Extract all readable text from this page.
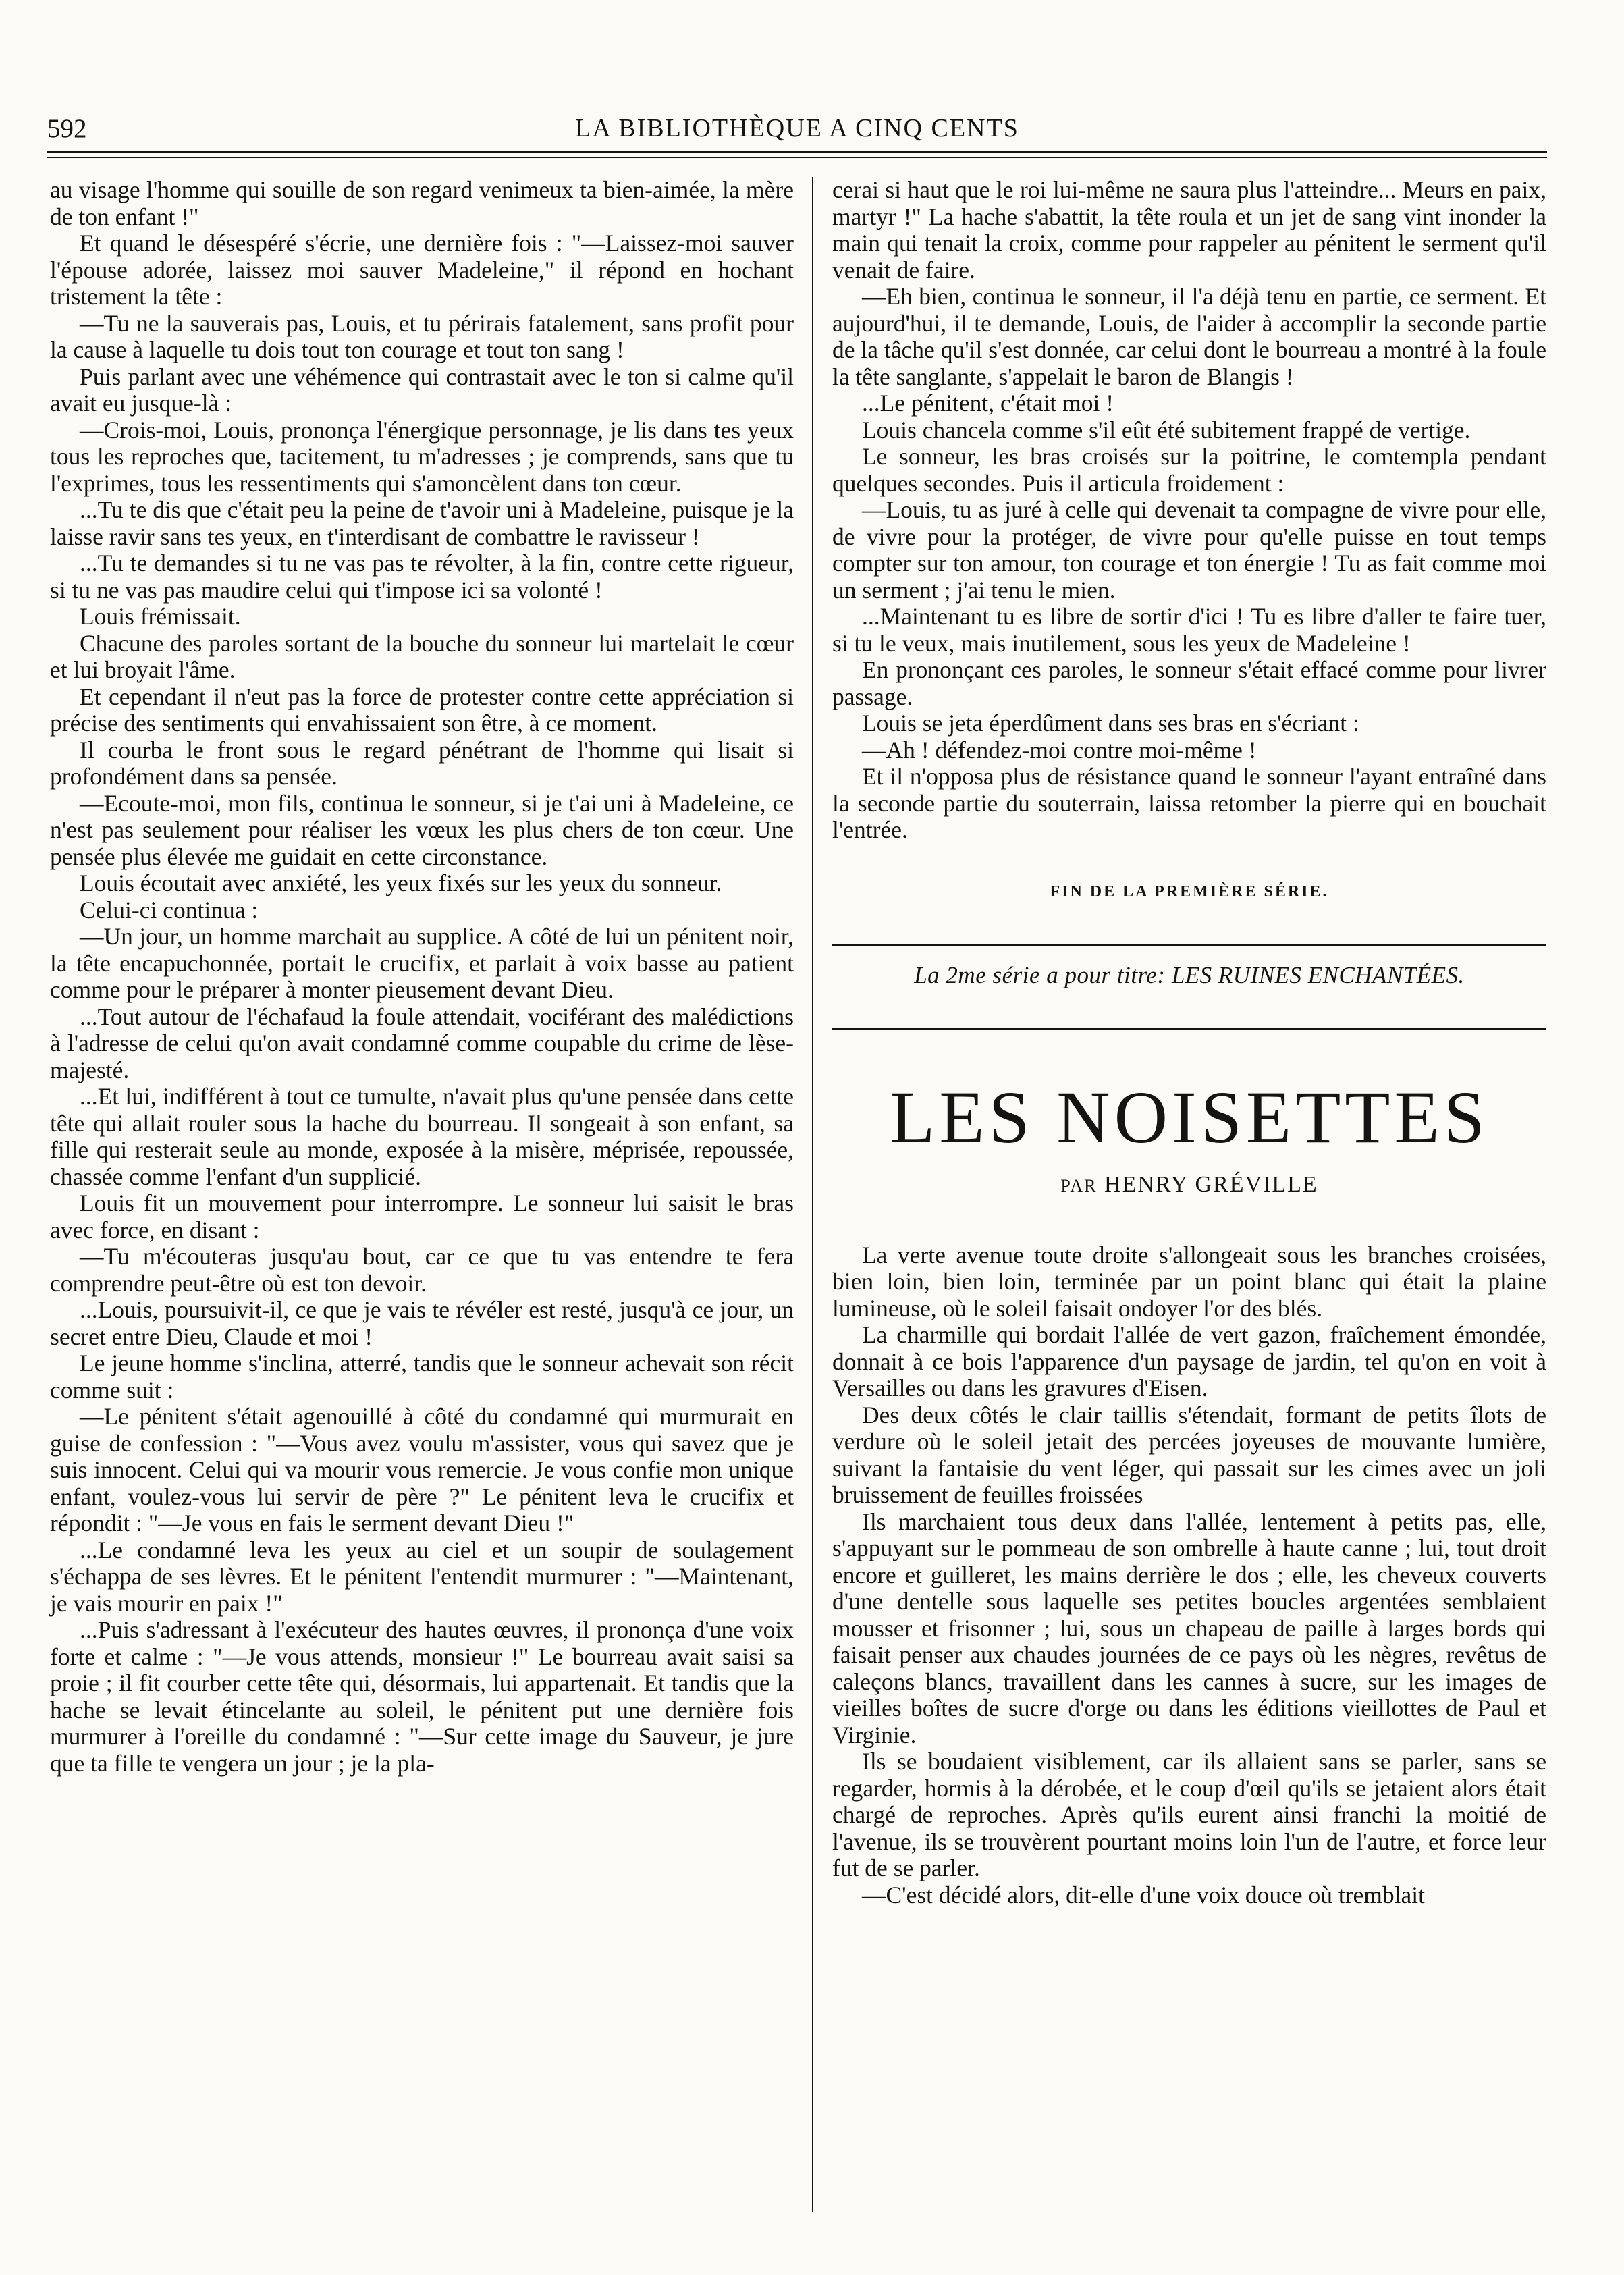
592	LA BIBLIOTHÈQUE A CINQ CENTS

au visage l'homme qui souille de son regard venimeux ta bien-aimée, la mère de ton enfant !"

Et quand le désespéré s'écrie, une dernière fois : "—Laissez-moi sauver l'épouse adorée, laissez moi sauver Madeleine," il répond en hochant tristement la tête :

—Tu ne la sauverais pas, Louis, et tu périrais fatalement, sans profit pour la cause à laquelle tu dois tout ton courage et tout ton sang !

Puis parlant avec une véhémence qui contrastait avec le ton si calme qu'il avait eu jusque-là :

—Crois-moi, Louis, prononça l'énergique personnage, je lis dans tes yeux tous les reproches que, tacitement, tu m'adresses ; je comprends, sans que tu l'exprimes, tous les ressentiments qui s'amoncèlent dans ton cœur.

...Tu te dis que c'était peu la peine de t'avoir uni à Madeleine, puisque je la laisse ravir sans tes yeux, en t'interdisant de combattre le ravisseur !

...Tu te demandes si tu ne vas pas te révolter, à la fin, contre cette rigueur, si tu ne vas pas maudire celui qui t'impose ici sa volonté !

Louis frémissait.

Chacune des paroles sortant de la bouche du sonneur lui martelait le cœur et lui broyait l'âme.

Et cependant il n'eut pas la force de protester contre cette appréciation si précise des sentiments qui envahissaient son être, à ce moment.

Il courba le front sous le regard pénétrant de l'homme qui lisait si profondément dans sa pensée.

—Ecoute-moi, mon fils, continua le sonneur, si je t'ai uni à Madeleine, ce n'est pas seulement pour réaliser les vœux les plus chers de ton cœur. Une pensée plus élevée me guidait en cette circonstance.

Louis écoutait avec anxiété, les yeux fixés sur les yeux du sonneur.

Celui-ci continua :

—Un jour, un homme marchait au supplice. A côté de lui un pénitent noir, la tête encapuchonnée, portait le crucifix, et parlait à voix basse au patient comme pour le préparer à monter pieusement devant Dieu.

...Tout autour de l'échafaud la foule attendait, vociférant des malédictions à l'adresse de celui qu'on avait condamné comme coupable du crime de lèse-majesté.

...Et lui, indifférent à tout ce tumulte, n'avait plus qu'une pensée dans cette tête qui allait rouler sous la hache du bourreau. Il songeait à son enfant, sa fille qui resterait seule au monde, exposée à la misère, méprisée, repoussée, chassée comme l'enfant d'un supplicié.

Louis fit un mouvement pour interrompre. Le sonneur lui saisit le bras avec force, en disant :

—Tu m'écouteras jusqu'au bout, car ce que tu vas entendre te fera comprendre peut-être où est ton devoir.

...Louis, poursuivit-il, ce que je vais te révéler est resté, jusqu'à ce jour, un secret entre Dieu, Claude et moi !

Le jeune homme s'inclina, atterré, tandis que le sonneur achevait son récit comme suit :

—Le pénitent s'était agenouillé à côté du condamné qui murmurait en guise de confession : "—Vous avez voulu m'assister, vous qui savez que je suis innocent. Celui qui va mourir vous remercie. Je vous confie mon unique enfant, voulez-vous lui servir de père ?" Le pénitent leva le crucifix et répondit : "—Je vous en fais le serment devant Dieu !"

...Le condamné leva les yeux au ciel et un soupir de soulagement s'échappa de ses lèvres. Et le pénitent l'entendit murmurer : "—Maintenant, je vais mourir en paix !"

...Puis s'adressant à l'exécuteur des hautes œuvres, il prononça d'une voix forte et calme : "—Je vous attends, monsieur !" Le bourreau avait saisi sa proie ; il fit courber cette tête qui, désormais, lui appartenait. Et tandis que la hache se levait étincelante au soleil, le pénitent put une dernière fois murmurer à l'oreille du condamné : "—Sur cette image du Sauveur, je jure que ta fille te vengera un jour ; je la pla-

cerai si haut que le roi lui-même ne saura plus l'atteindre... Meurs en paix, martyr !" La hache s'abattit, la tête roula et un jet de sang vint inonder la main qui tenait la croix, comme pour rappeler au pénitent le serment qu'il venait de faire.

—Eh bien, continua le sonneur, il l'a déjà tenu en partie, ce serment. Et aujourd'hui, il te demande, Louis, de l'aider à accomplir la seconde partie de la tâche qu'il s'est donnée, car celui dont le bourreau a montré à la foule la tête sanglante, s'appelait le baron de Blangis !

...Le pénitent, c'était moi !

Louis chancela comme s'il eût été subitement frappé de vertige.

Le sonneur, les bras croisés sur la poitrine, le comtempla pendant quelques secondes. Puis il articula froidement :

—Louis, tu as juré à celle qui devenait ta compagne de vivre pour elle, de vivre pour la protéger, de vivre pour qu'elle puisse en tout temps compter sur ton amour, ton courage et ton énergie ! Tu as fait comme moi un serment ; j'ai tenu le mien.

...Maintenant tu es libre de sortir d'ici ! Tu es libre d'aller te faire tuer, si tu le veux, mais inutilement, sous les yeux de Madeleine !

En prononçant ces paroles, le sonneur s'était effacé comme pour livrer passage.

Louis se jeta éperdûment dans ses bras en s'écriant :

—Ah ! défendez-moi contre moi-même !

Et il n'opposa plus de résistance quand le sonneur l'ayant entraîné dans la seconde partie du souterrain, laissa retomber la pierre qui en bouchait l'entrée.

FIN DE LA PREMIÈRE SÉRIE.
La 2me série a pour titre: LES RUINES ENCHANTÉES.
LES NOISETTES
PAR HENRY GRÉVILLE

La verte avenue toute droite s'allongeait sous les branches croisées, bien loin, bien loin, terminée par un point blanc qui était la plaine lumineuse, où le soleil faisait ondoyer l'or des blés.

La charmille qui bordait l'allée de vert gazon, fraîchement émondée, donnait à ce bois l'apparence d'un paysage de jardin, tel qu'on en voit à Versailles ou dans les gravures d'Eisen.

Des deux côtés le clair taillis s'étendait, formant de petits îlots de verdure où le soleil jetait des percées joyeuses de mouvante lumière, suivant la fantaisie du vent léger, qui passait sur les cimes avec un joli bruissement de feuilles froissées

Ils marchaient tous deux dans l'allée, lentement à petits pas, elle, s'appuyant sur le pommeau de son ombrelle à haute canne ; lui, tout droit encore et guilleret, les mains derrière le dos ; elle, les cheveux couverts d'une dentelle sous laquelle ses petites boucles argentées semblaient mousser et frisonner ; lui, sous un chapeau de paille à larges bords qui faisait penser aux chaudes journées de ce pays où les nègres, revêtus de caleçons blancs, travaillent dans les cannes à sucre, sur les images de vieilles boîtes de sucre d'orge ou dans les éditions vieillottes de Paul et Virginie.

Ils se boudaient visiblement, car ils allaient sans se parler, sans se regarder, hormis à la dérobée, et le coup d'œil qu'ils se jetaient alors était chargé de reproches. Après qu'ils eurent ainsi franchi la moitié de l'avenue, ils se trouvèrent pourtant moins loin l'un de l'autre, et force leur fut de se parler.

—C'est décidé alors, dit-elle d'une voix douce où tremblait
